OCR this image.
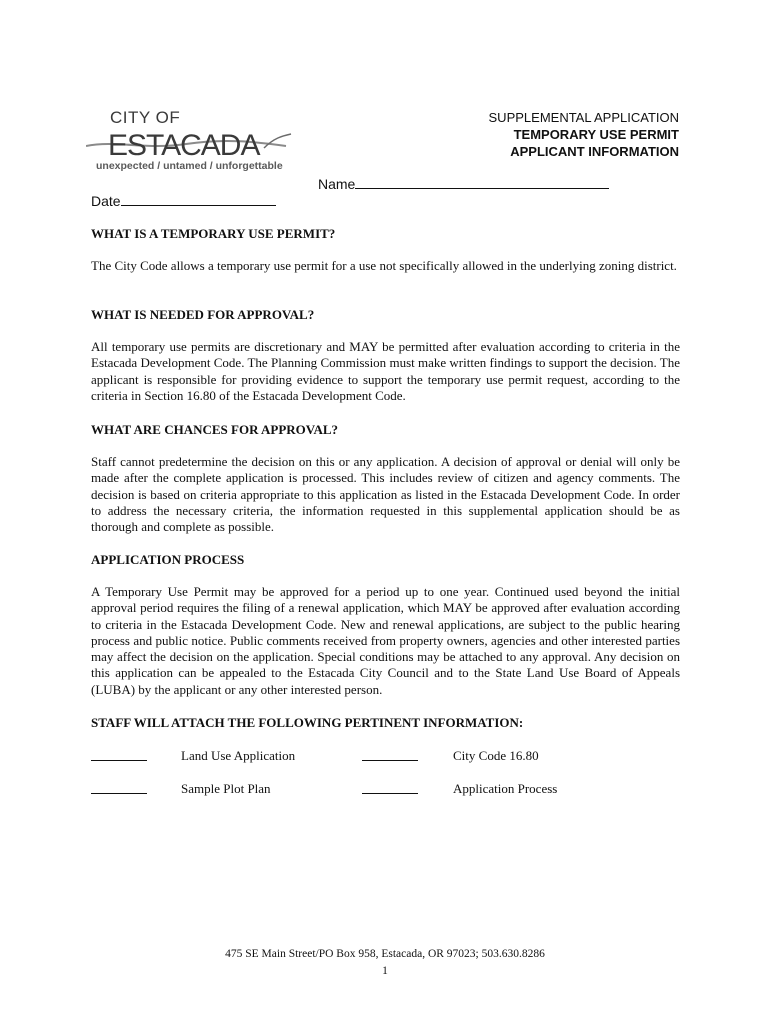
CITY OF
ESTACADA
unexpected / untamed / unforgettable
SUPPLEMENTAL APPLICATION
TEMPORARY USE PERMIT
APPLICANT INFORMATION
Name
Date
WHAT IS A TEMPORARY USE PERMIT?
The City Code allows a temporary use permit for a use not specifically allowed in the underlying zoning district.
WHAT IS NEEDED FOR APPROVAL?
All temporary use permits are discretionary and MAY be permitted after evaluation according to criteria in the Estacada Development Code. The Planning Commission must make written findings to support the decision. The applicant is responsible for providing evidence to support the temporary use permit request, according to the criteria in Section 16.80 of the Estacada Development Code.
WHAT ARE CHANCES FOR APPROVAL?
Staff cannot predetermine the decision on this or any application. A decision of approval or denial will only be made after the complete application is processed. This includes review of citizen and agency comments. The decision is based on criteria appropriate to this application as listed in the Estacada Development Code. In order to address the necessary criteria, the information requested in this supplemental application should be as thorough and complete as possible.
APPLICATION PROCESS
A Temporary Use Permit may be approved for a period up to one year. Continued used beyond the initial approval period requires the filing of a renewal application, which MAY be approved after evaluation according to criteria in the Estacada Development Code. New and renewal applications, are subject to the public hearing process and public notice. Public comments received from property owners, agencies and other interested parties may affect the decision on the application. Special conditions may be attached to any approval. Any decision on this application can be appealed to the Estacada City Council and to the State Land Use Board of Appeals (LUBA) by the applicant or any other interested person.
STAFF WILL ATTACH THE FOLLOWING PERTINENT INFORMATION:
Land Use Application	City Code 16.80
Sample Plot Plan	Application Process
475 SE Main Street/PO Box 958, Estacada, OR 97023; 503.630.8286
1
